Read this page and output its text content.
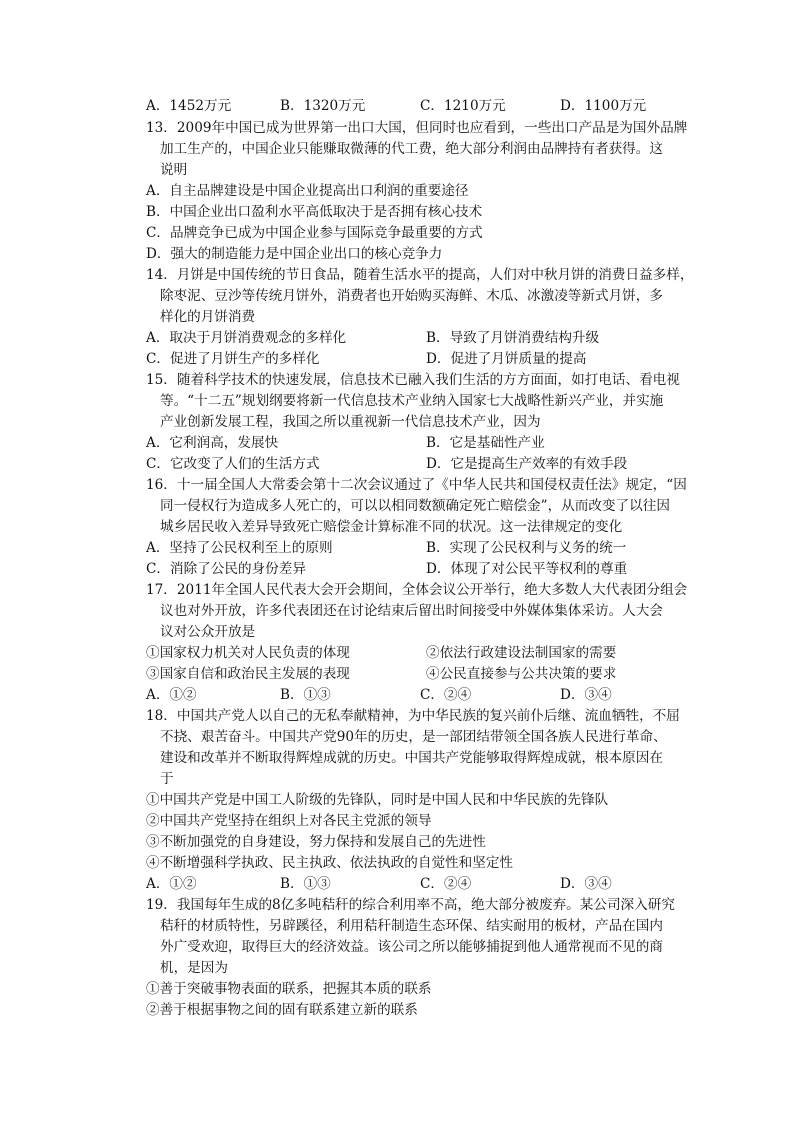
A．1452万元	B．1320万元	C．1210万元	D．1100万元
13．2009年中国已成为世界第一出口大国，但同时也应看到，一些出口产品是为国外品牌
加工生产的，中国企业只能赚取微薄的代工费，绝大部分利润由品牌持有者获得。这
说明
A．自主品牌建设是中国企业提高出口利润的重要途径
B．中国企业出口盈利水平高低取决于是否拥有核心技术
C．品牌竞争已成为中国企业参与国际竞争最重要的方式
D．强大的制造能力是中国企业出口的核心竞争力
14．月饼是中国传统的节日食品，随着生活水平的提高，人们对中秋月饼的消费日益多样，
除枣泥、豆沙等传统月饼外，消费者也开始购买海鲜、木瓜、冰激凌等新式月饼，多
样化的月饼消费
A．取决于月饼消费观念的多样化	B．导致了月饼消费结构升级
C．促进了月饼生产的多样化	D．促进了月饼质量的提高
15．随着科学技术的快速发展，信息技术已融入我们生活的方方面面，如打电话、看电视
等。“十二五”规划纲要将新一代信息技术产业纳入国家七大战略性新兴产业，并实施
产业创新发展工程，我国之所以重视新一代信息技术产业，因为
A．它利润高，发展快	B．它是基础性产业
C．它改变了人们的生活方式	D．它是提高生产效率的有效手段
16．十一届全国人大常委会第十二次会议通过了《中华人民共和国侵权责任法》规定，“因
同一侵权行为造成多人死亡的，可以以相同数额确定死亡赔偿金”，从而改变了以往因
城乡居民收入差异导致死亡赔偿金计算标准不同的状况。这一法律规定的变化
A．坚持了公民权利至上的原则	B．实现了公民权利与义务的统一
C．消除了公民的身份差异	D．体现了对公民平等权利的尊重
17．2011年全国人民代表大会开会期间，全体会议公开举行，绝大多数人大代表团分组会
议也对外开放，许多代表团还在讨论结束后留出时间接受中外媒体集体采访。人大会
议对公众开放是
①国家权力机关对人民负责的体现	②依法行政建设法制国家的需要
③国家自信和政治民主发展的表现	④公民直接参与公共决策的要求
A．①②	B．①③	C．②④	D．③④
18．中国共产党人以自己的无私奉献精神，为中华民族的复兴前仆后继、流血牺牲，不屈
不挠、艰苦奋斗。中国共产党90年的历史，是一部团结带领全国各族人民进行革命、
建设和改革并不断取得辉煌成就的历史。中国共产党能够取得辉煌成就，根本原因在
于
①中国共产党是中国工人阶级的先锋队，同时是中国人民和中华民族的先锋队
②中国共产党坚持在组织上对各民主党派的领导
③不断加强党的自身建设，努力保持和发展自己的先进性
④不断增强科学执政、民主执政、依法执政的自觉性和坚定性
A．①②	B．①③	C．②④	D．③④
19．我国每年生成的8亿多吨秸秆的综合利用率不高，绝大部分被废弃。某公司深入研究
秸秆的材质特性，另辟蹊径，利用秸秆制造生态环保、结实耐用的板材，产品在国内
外广受欢迎，取得巨大的经济效益。该公司之所以能够捕捉到他人通常视而不见的商
机，是因为
①善于突破事物表面的联系，把握其本质的联系
②善于根据事物之间的固有联系建立新的联系
